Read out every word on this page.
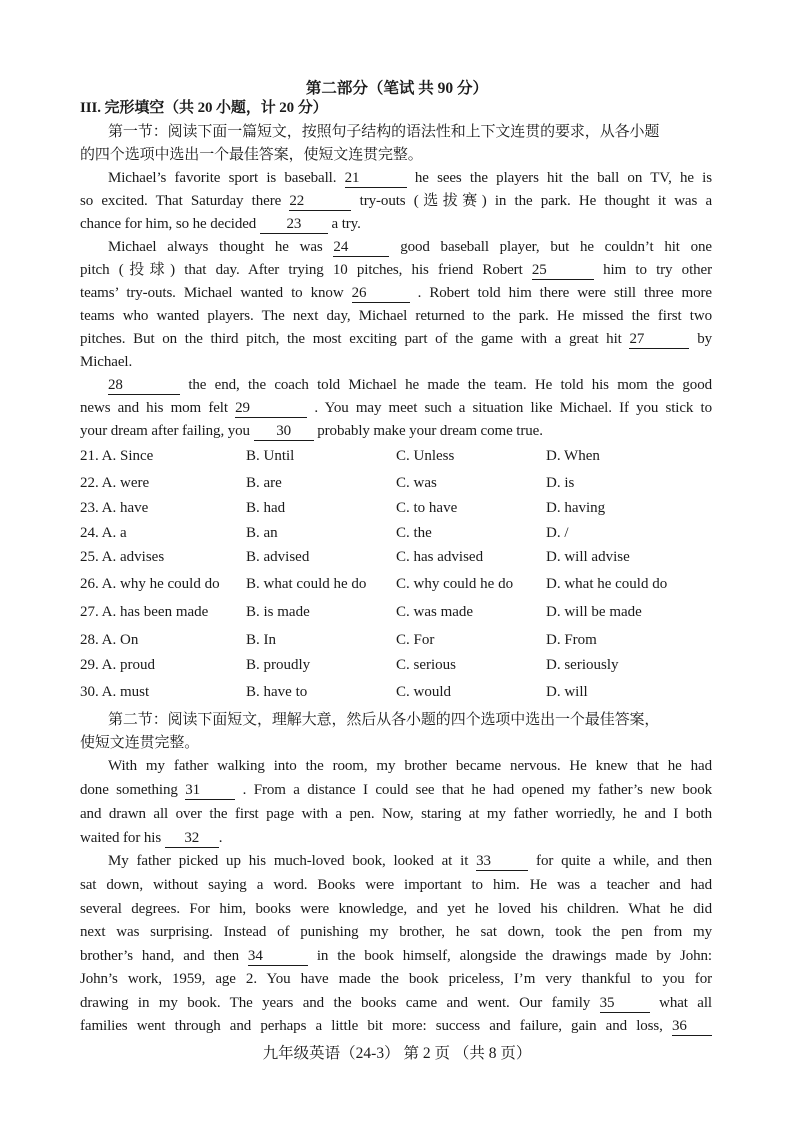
第二部分（笔试 共 90 分）
III. 完形填空（共 20 小题，计 20 分）
第一节：阅读下面一篇短文，按照句子结构的语法性和上下文连贯的要求，从各小题
的四个选项中选出一个最佳答案，使短文连贯完整。
Michael’s favorite sport is baseball. 21	he sees the players hit the ball on TV, he is
so excited. That Saturday there 22	try-outs (选拔赛) in the park. He thought it was a
chance for him, so he decided 23 a try.
Michael always thought he was 24	good baseball player, but he couldn’t hit one
pitch (投球) that day. After trying 10 pitches, his friend Robert 25	him to try other
teams’ try-outs. Michael wanted to know 26	. Robert told him there were still three more
teams who wanted players. The next day, Michael returned to the park. He missed the first two
pitches. But on the third pitch, the most exciting part of the game with a great hit 27	by
Michael.
28	the end, the coach told Michael he made the team. He told his mom the good
news and his mom felt 29	. You may meet such a situation like Michael. If you stick to
your dream after failing, you 30 probably make your dream come true.
21. A. Since	B. Until	C. Unless	D. When
22. A. were	B. are	C. was	D. is
23. A. have	B. had	C. to have	D. having
24. A. a	B. an	C. the	D. /
25. A. advises	B. advised	C. has advised	D. will advise
26. A. why he could do B. what could he do C. why could he do D. what he could do
27. A. has been made	B. is made	C. was made	D. will be made
28. A. On	B. In	C. For	D. From
29. A. proud	B. proudly	C. serious	D. seriously
30. A. must	B. have to	C. would	D. will
第二节：阅读下面短文，理解大意，然后从各小题的四个选项中选出一个最佳答案，
使短文连贯完整。
With my father walking into the room, my brother became nervous. He knew that he had
done something 31	. From a distance I could see that he had opened my father’s new book
and drawn all over the first page with a pen. Now, staring at my father worriedly, he and I both
waited for his 32 .
My father picked up his much-loved book, looked at it 33	for quite a while, and then
sat down, without saying a word. Books were important to him. He was a teacher and had
several degrees. For him, books were knowledge, and yet he loved his children. What he did
next was surprising. Instead of punishing my brother, he sat down, took the pen from my
brother’s hand, and then 34	in the book himself, alongside the drawings made by John:
John’s work, 1959, age 2. You have made the book priceless, I’m very thankful to you for
drawing in my book. The years and the books came and went. Our family 35	what all
families went through and perhaps a little bit more: success and failure, gain and loss, 36
九年级英语（24-3） 第 2 页 （共 8 页）
